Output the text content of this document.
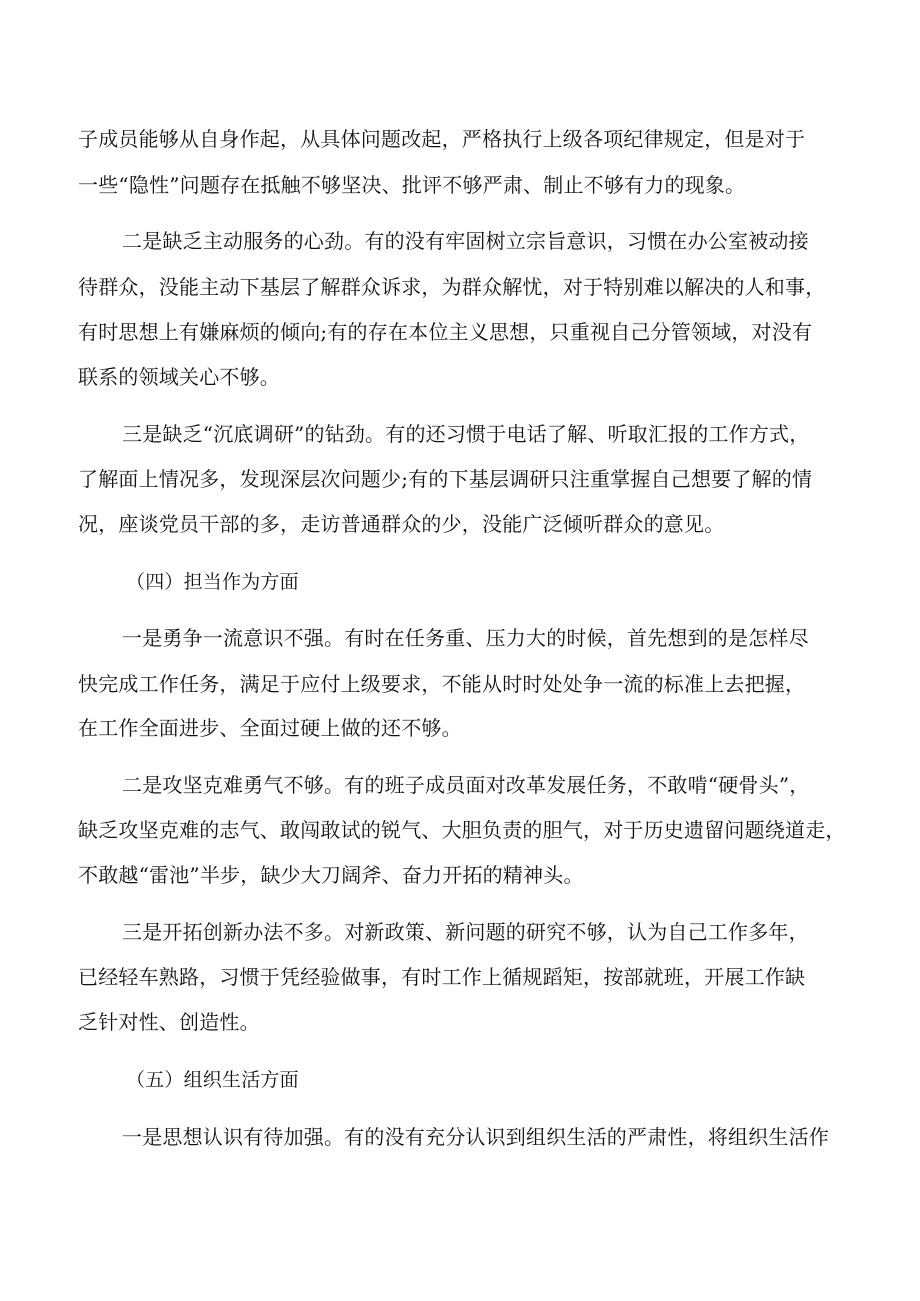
子成员能够从自身作起，从具体问题改起，严格执行上级各项纪律规定，但是对于
一些“隐性”问题存在抵触不够坚决、批评不够严肃、制止不够有力的现象。
二是缺乏主动服务的心劲。有的没有牢固树立宗旨意识，习惯在办公室被动接
待群众，没能主动下基层了解群众诉求，为群众解忧，对于特别难以解决的人和事，
有时思想上有嫌麻烦的倾向;有的存在本位主义思想，只重视自己分管领域，对没有
联系的领域关心不够。
三是缺乏“沉底调研”的钻劲。有的还习惯于电话了解、听取汇报的工作方式，
了解面上情况多，发现深层次问题少;有的下基层调研只注重掌握自己想要了解的情
况，座谈党员干部的多，走访普通群众的少，没能广泛倾听群众的意见。
（四）担当作为方面
一是勇争一流意识不强。有时在任务重、压力大的时候，首先想到的是怎样尽
快完成工作任务，满足于应付上级要求，不能从时时处处争一流的标准上去把握，
在工作全面进步、全面过硬上做的还不够。
二是攻坚克难勇气不够。有的班子成员面对改革发展任务，不敢啃“硬骨头”，
缺乏攻坚克难的志气、敢闯敢试的锐气、大胆负责的胆气，对于历史遗留问题绕道走，
不敢越“雷池”半步，缺少大刀阔斧、奋力开拓的精神头。
三是开拓创新办法不多。对新政策、新问题的研究不够，认为自己工作多年，
已经轻车熟路，习惯于凭经验做事，有时工作上循规蹈矩，按部就班，开展工作缺
乏针对性、创造性。
（五）组织生活方面
一是思想认识有待加强。有的没有充分认识到组织生活的严肃性，将组织生活作
